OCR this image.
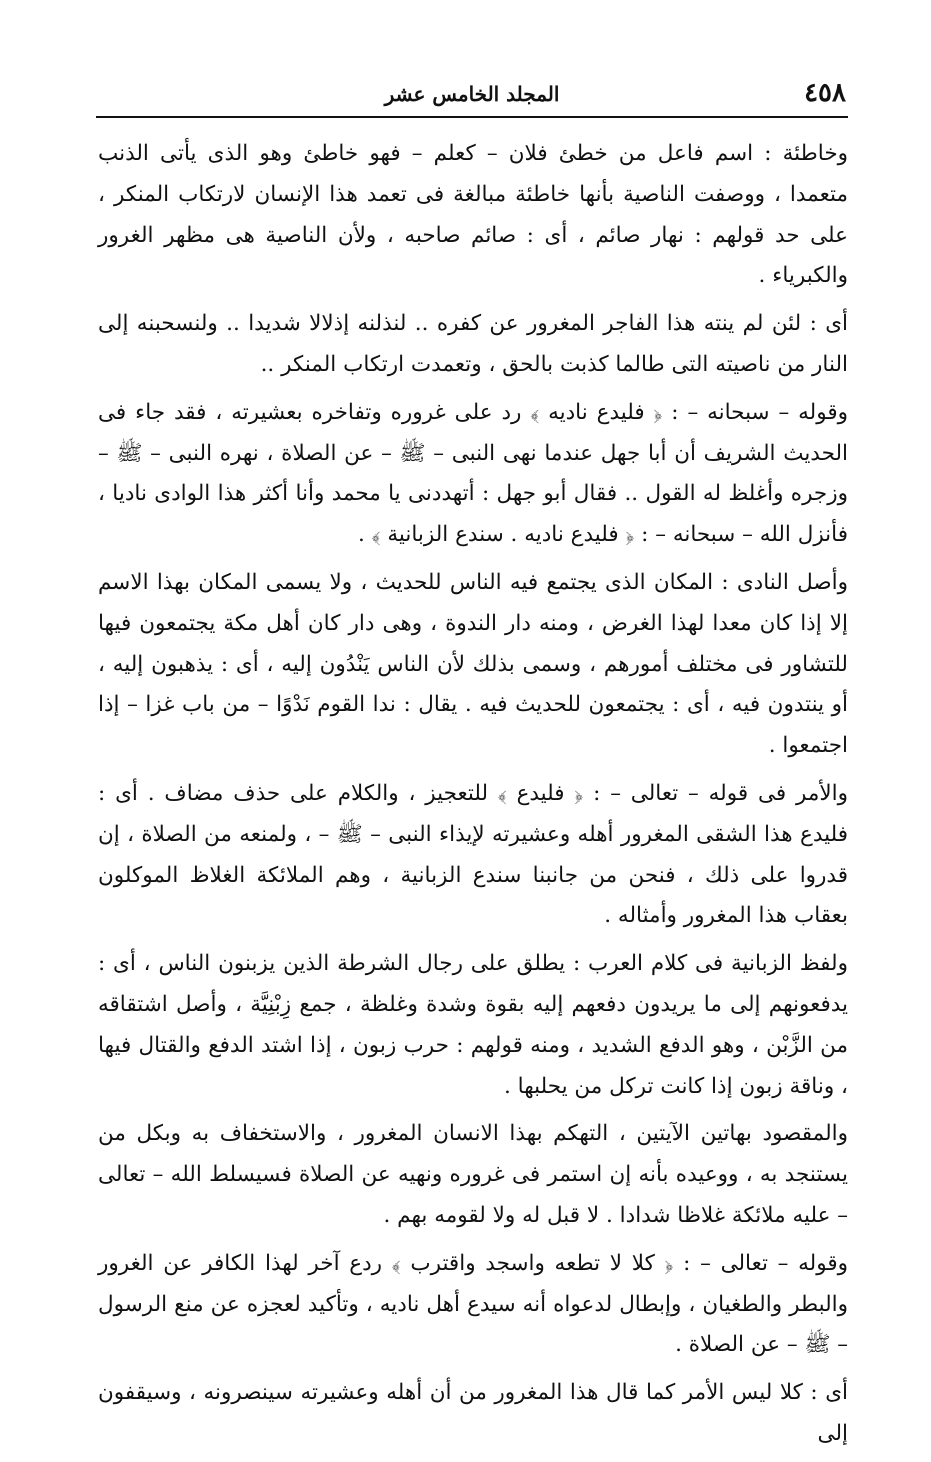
٤٥٨
المجلد الخامس عشر

وخاطئة : اسم فاعل من خطئ فلان – كعلم – فهو خاطئ وهو الذى يأتى الذنب متعمدا ، ووصفت الناصية بأنها خاطئة مبالغة فى تعمد هذا الإنسان لارتكاب المنكر ، على حد قولهم : نهار صائم ، أى : صائم صاحبه ، ولأن الناصية هى مظهر الغرور والكبرياء .

أى : لئن لم ينته هذا الفاجر المغرور عن كفره .. لنذلنه إذلالا شديدا .. ولنسحبنه إلى النار من ناصيته التى طالما كذبت بالحق ، وتعمدت ارتكاب المنكر ..

وقوله – سبحانه – : ﴿ فليدع ناديه ﴾ رد على غروره وتفاخره بعشيرته ، فقد جاء فى الحديث الشريف أن أبا جهل عندما نهى النبى – ﷺ – عن الصلاة ، نهره النبى – ﷺ – وزجره وأغلظ له القول .. فقال أبو جهل : أتهددنى يا محمد وأنا أكثر هذا الوادى ناديا ، فأنزل الله – سبحانه – : ﴿ فليدع ناديه . سندع الزبانية ﴾ .

وأصل النادى : المكان الذى يجتمع فيه الناس للحديث ، ولا يسمى المكان بهذا الاسم إلا إذا كان معدا لهذا الغرض ، ومنه دار الندوة ، وهى دار كان أهل مكة يجتمعون فيها للتشاور فى مختلف أمورهم ، وسمى بذلك لأن الناس يَنْدُون إليه ، أى : يذهبون إليه ، أو ينتدون فيه ، أى : يجتمعون للحديث فيه . يقال : ندا القوم نَدْوًا – من باب غزا – إذا اجتمعوا .

والأمر فى قوله – تعالى – : ﴿ فليدع ﴾ للتعجيز ، والكلام على حذف مضاف . أى : فليدع هذا الشقى المغرور أهله وعشيرته لإيذاء النبى – ﷺ – ، ولمنعه من الصلاة ، إن قدروا على ذلك ، فنحن من جانبنا سندع الزبانية ، وهم الملائكة الغلاظ الموكلون بعقاب هذا المغرور وأمثاله .

ولفظ الزبانية فى كلام العرب : يطلق على رجال الشرطة الذين يزبنون الناس ، أى : يدفعونهم إلى ما يريدون دفعهم إليه بقوة وشدة وغلظة ، جمع زِبْنِيَّة ، وأصل اشتقاقه من الزَّبْن ، وهو الدفع الشديد ، ومنه قولهم : حرب زبون ، إذا اشتد الدفع والقتال فيها ، وناقة زبون إذا كانت تركل من يحلبها .

والمقصود بهاتين الآيتين ، التهكم بهذا الانسان المغرور ، والاستخفاف به وبكل من يستنجد به ، ووعيده بأنه إن استمر فى غروره ونهيه عن الصلاة فسيسلط الله – تعالى – عليه ملائكة غلاظا شدادا . لا قبل له ولا لقومه بهم .

وقوله – تعالى – : ﴿ كلا لا تطعه واسجد واقترب ﴾ ردع آخر لهذا الكافر عن الغرور والبطر والطغيان ، وإبطال لدعواه أنه سيدع أهل ناديه ، وتأكيد لعجزه عن منع الرسول – ﷺ – عن الصلاة .

أى : كلا ليس الأمر كما قال هذا المغرور من أن أهله وعشيرته سينصرونه ، وسيقفون إلى
